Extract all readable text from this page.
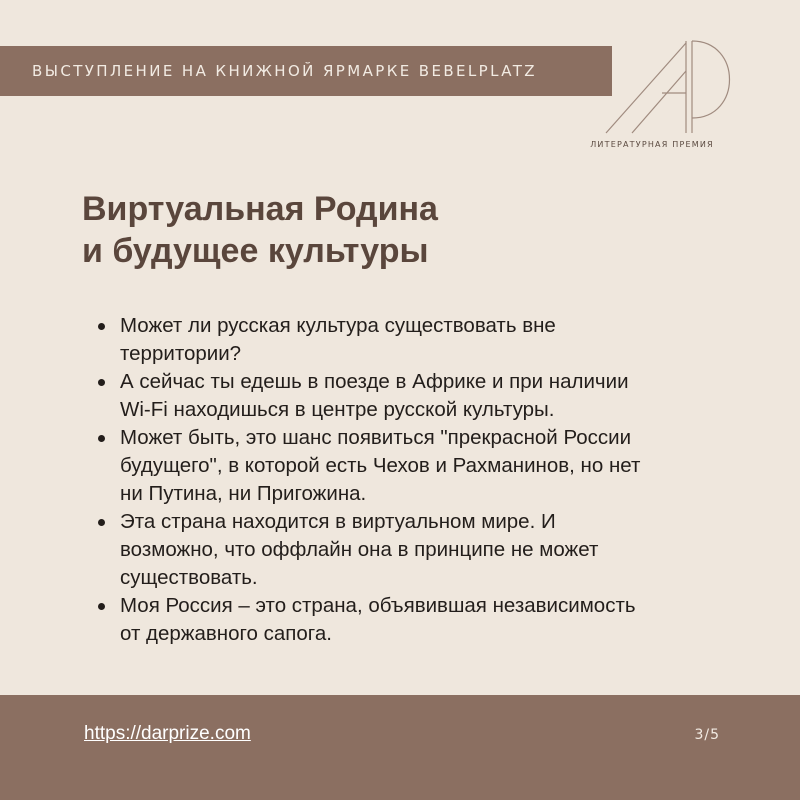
ВЫСТУПЛЕНИЕ НА КНИЖНОЙ ЯРМАРКЕ BEBELPLATZ
ЛИТЕРАТУРНАЯ ПРЕМИЯ
Виртуальная Родина
и будущее культуры
Может ли русская культура существовать вне
территории?
А сейчас ты едешь в поезде в Африке и при наличии
Wi-Fi находишься в центре русской культуры.
Может быть, это шанс появиться "прекрасной России
будущего", в которой есть Чехов и Рахманинов, но нет
ни Путина, ни Пригожина.
Эта страна находится в виртуальном мире. И
возможно, что оффлайн она в принципе не может
существовать.
Моя Россия – это страна, объявившая независимость
от державного сапога.
https://darprize.com	3/5
